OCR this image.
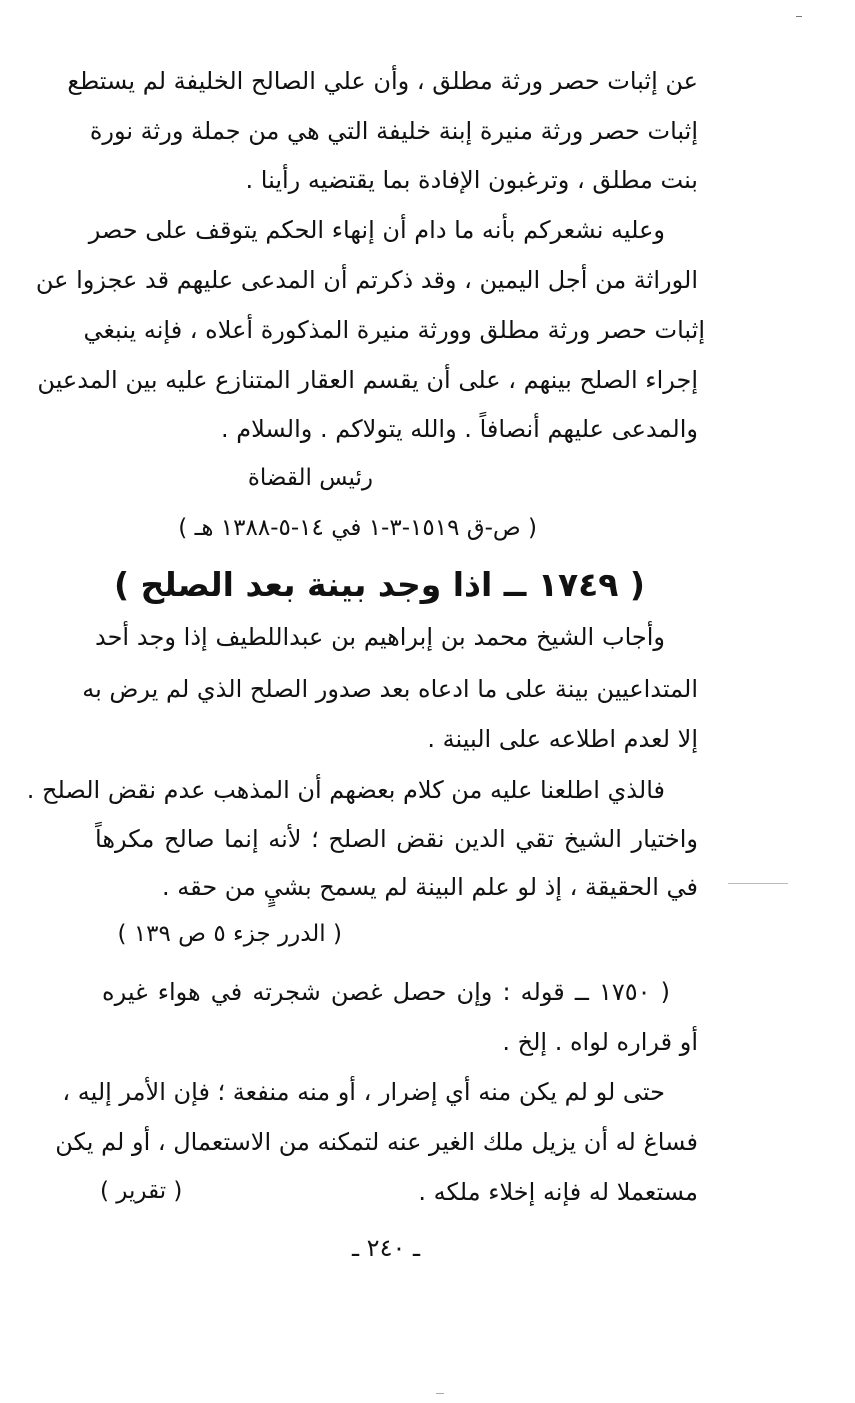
عن إثبات حصر ورثة مطلق ، وأن علي الصالح الخليفة لم يستطع
إثبات حصر ورثة منيرة إبنة خليفة التي هي من جملة ورثة نورة
بنت مطلق ، وترغبون الإفادة بما يقتضيه رأينا .
وعليه نشعركم بأنه ما دام أن إنهاء الحكم يتوقف على حصر
الوراثة من أجل اليمين ، وقد ذكرتم أن المدعى عليهم قد عجزوا عن
إثبات حصر ورثة مطلق وورثة منيرة المذكورة أعلاه ، فإنه ينبغي
إجراء الصلح بينهم ، على أن يقسم العقار المتنازع عليه بين المدعين
والمدعى عليهم أنصافاً . والله يتولاكم . والسلام .
رئيس القضاة
( ص-ق ١٥١٩-٣-١ في ١٤-٥-١٣٨٨ هـ )
( ١٧٤٩ ــ اذا وجد بينة بعد الصلح )
وأجاب الشيخ محمد بن إبراهيم بن عبداللطيف إذا وجد أحد
المتداعيين بينة على ما ادعاه بعد صدور الصلح الذي لم يرض به
إلا لعدم اطلاعه على البينة .
فالذي اطلعنا عليه من كلام بعضهم أن المذهب عدم نقض الصلح .
واختيار الشيخ تقي الدين نقض الصلح ؛ لأنه إنما صالح مكرهاً
في الحقيقة ، إذ لو علم البينة لم يسمح بشيٍ من حقه .
( الدرر جزء ٥ ص ١٣٩ )
( ١٧٥٠ ــ قوله : وإن حصل غصن شجرته في هواء غيره
أو قراره لواه . إلخ .
حتى لو لم يكن منه أي إضرار ، أو منه منفعة ؛ فإن الأمر إليه ،
فساغ له أن يزيل ملك الغير عنه لتمكنه من الاستعمال ، أو لم يكن
مستعملا له فإنه إخلاء ملكه .
( تقرير )
ـ ٢٤٠ ـ
